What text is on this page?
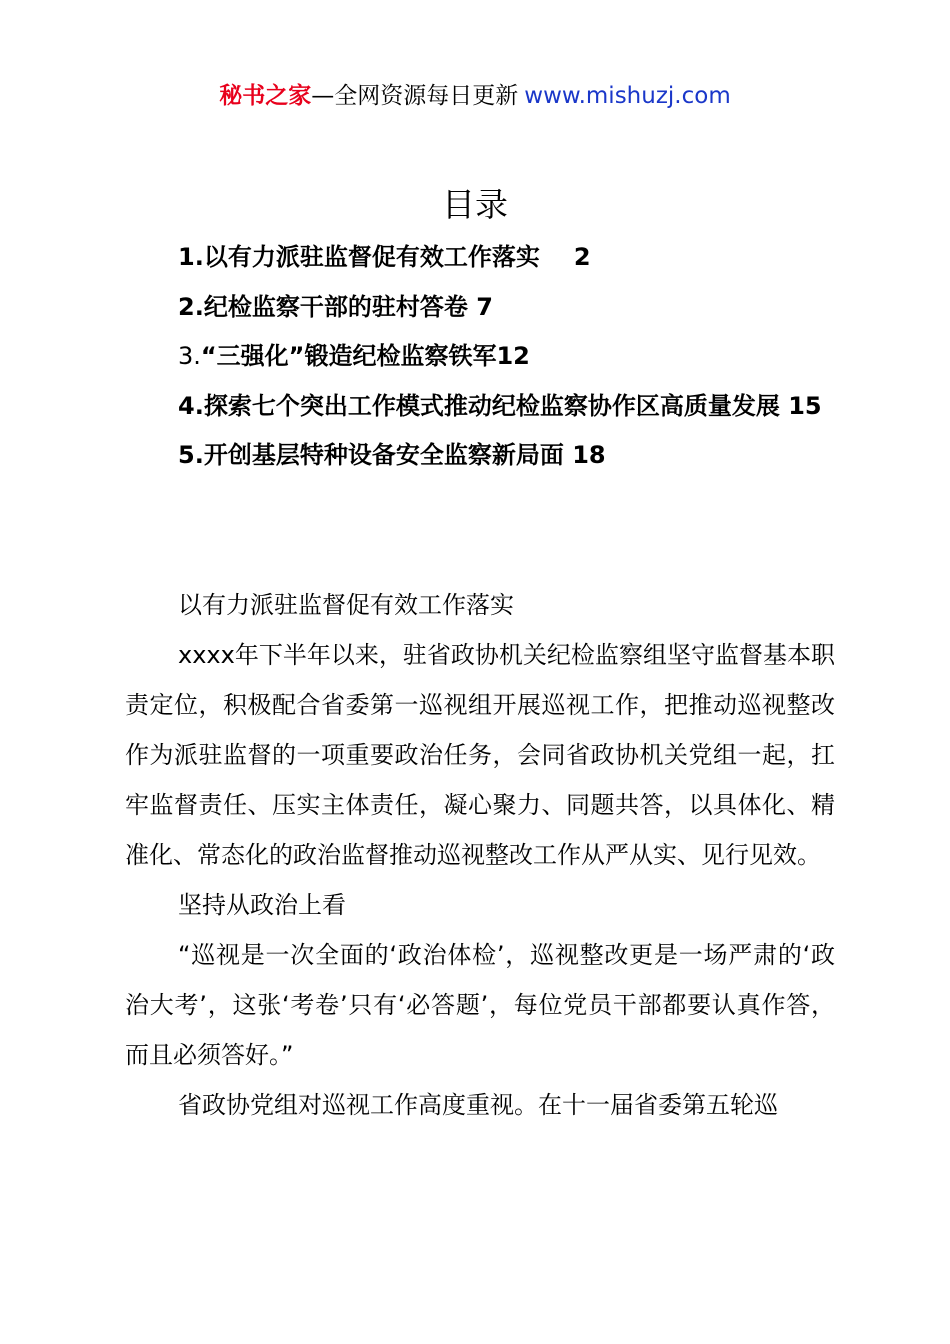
秘书之家—全网资源每日更新 www.mishuzj.com
目录

1.以有力派驻监督促有效工作落实 2

2.纪检监察干部的驻村答卷 7

3.“三强化”锻造纪检监察铁军12

4.探索七个突出工作模式推动纪检监察协作区高质量发展 15

5.开创基层特种设备安全监察新局面 18

以有力派驻监督促有效工作落实

xxxx年下半年以来，驻省政协机关纪检监察组坚守监督基本职责定位，积极配合省委第一巡视组开展巡视工作，把推动巡视整改作为派驻监督的一项重要政治任务，会同省政协机关党组一起，扛牢监督责任、压实主体责任，凝心聚力、同题共答，以具体化、精准化、常态化的政治监督推动巡视整改工作从严从实、见行见效。

坚持从政治上看

“巡视是一次全面的‘政治体检’，巡视整改更是一场严肃的‘政治大考’，这张‘考卷’只有‘必答题’，每位党员干部都要认真作答，而且必须答好。”

省政协党组对巡视工作高度重视。在十一届省委第五轮巡
